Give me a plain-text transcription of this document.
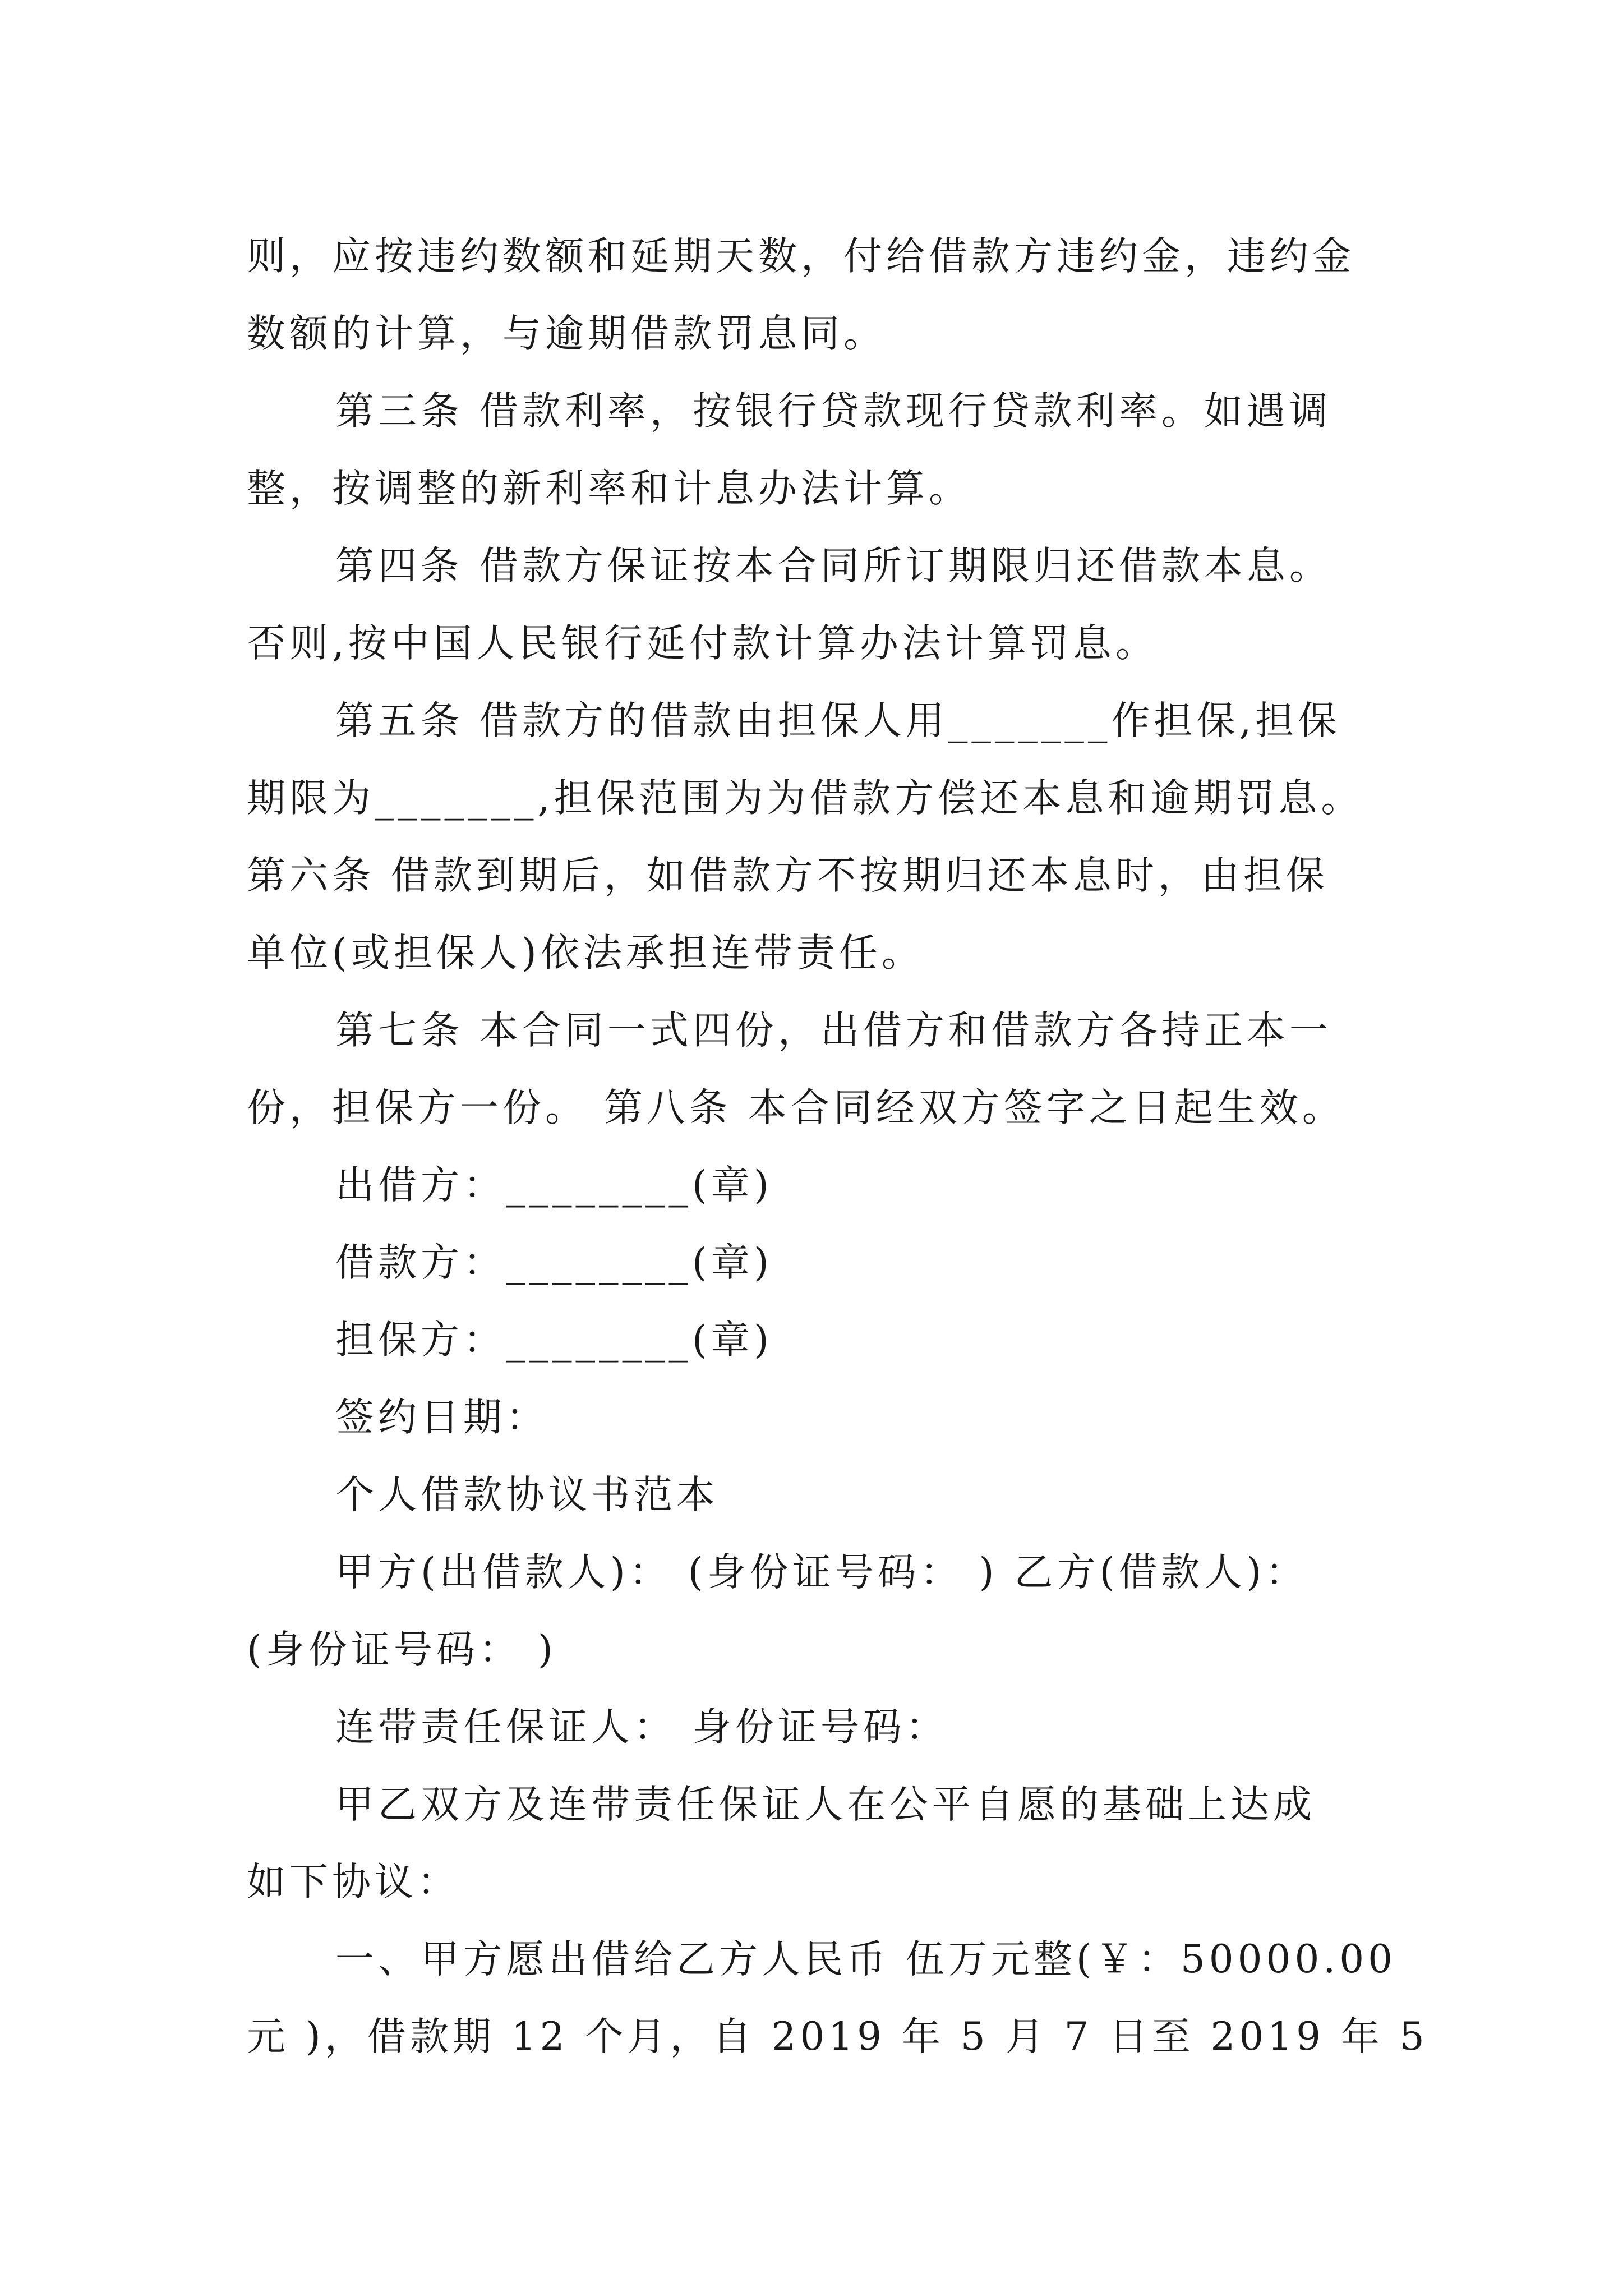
则，应按违约数额和延期天数，付给借款方违约金，违约金

数额的计算，与逾期借款罚息同。

第三条 借款利率，按银行贷款现行贷款利率。如遇调

整，按调整的新利率和计息办法计算。

第四条 借款方保证按本合同所订期限归还借款本息。

否则,按中国人民银行延付款计算办法计算罚息。

第五条 借款方的借款由担保人用_______作担保,担保

期限为_______,担保范围为为借款方偿还本息和逾期罚息。

第六条 借款到期后，如借款方不按期归还本息时，由担保

单位(或担保人)依法承担连带责任。

第七条 本合同一式四份，出借方和借款方各持正本一

份，担保方一份。 第八条 本合同经双方签字之日起生效。

出借方：________(章)

借款方：________(章)

担保方：________(章)

签约日期：

个人借款协议书范本

甲方(出借款人)： (身份证号码： ) 乙方(借款人)：

(身份证号码： )

连带责任保证人： 身份证号码：

甲乙双方及连带责任保证人在公平自愿的基础上达成

如下协议：

一、甲方愿出借给乙方人民币 伍万元整(￥：50000.00

元 )，借款期 12 个月，自 2019 年 5 月 7 日至 2019 年 5
